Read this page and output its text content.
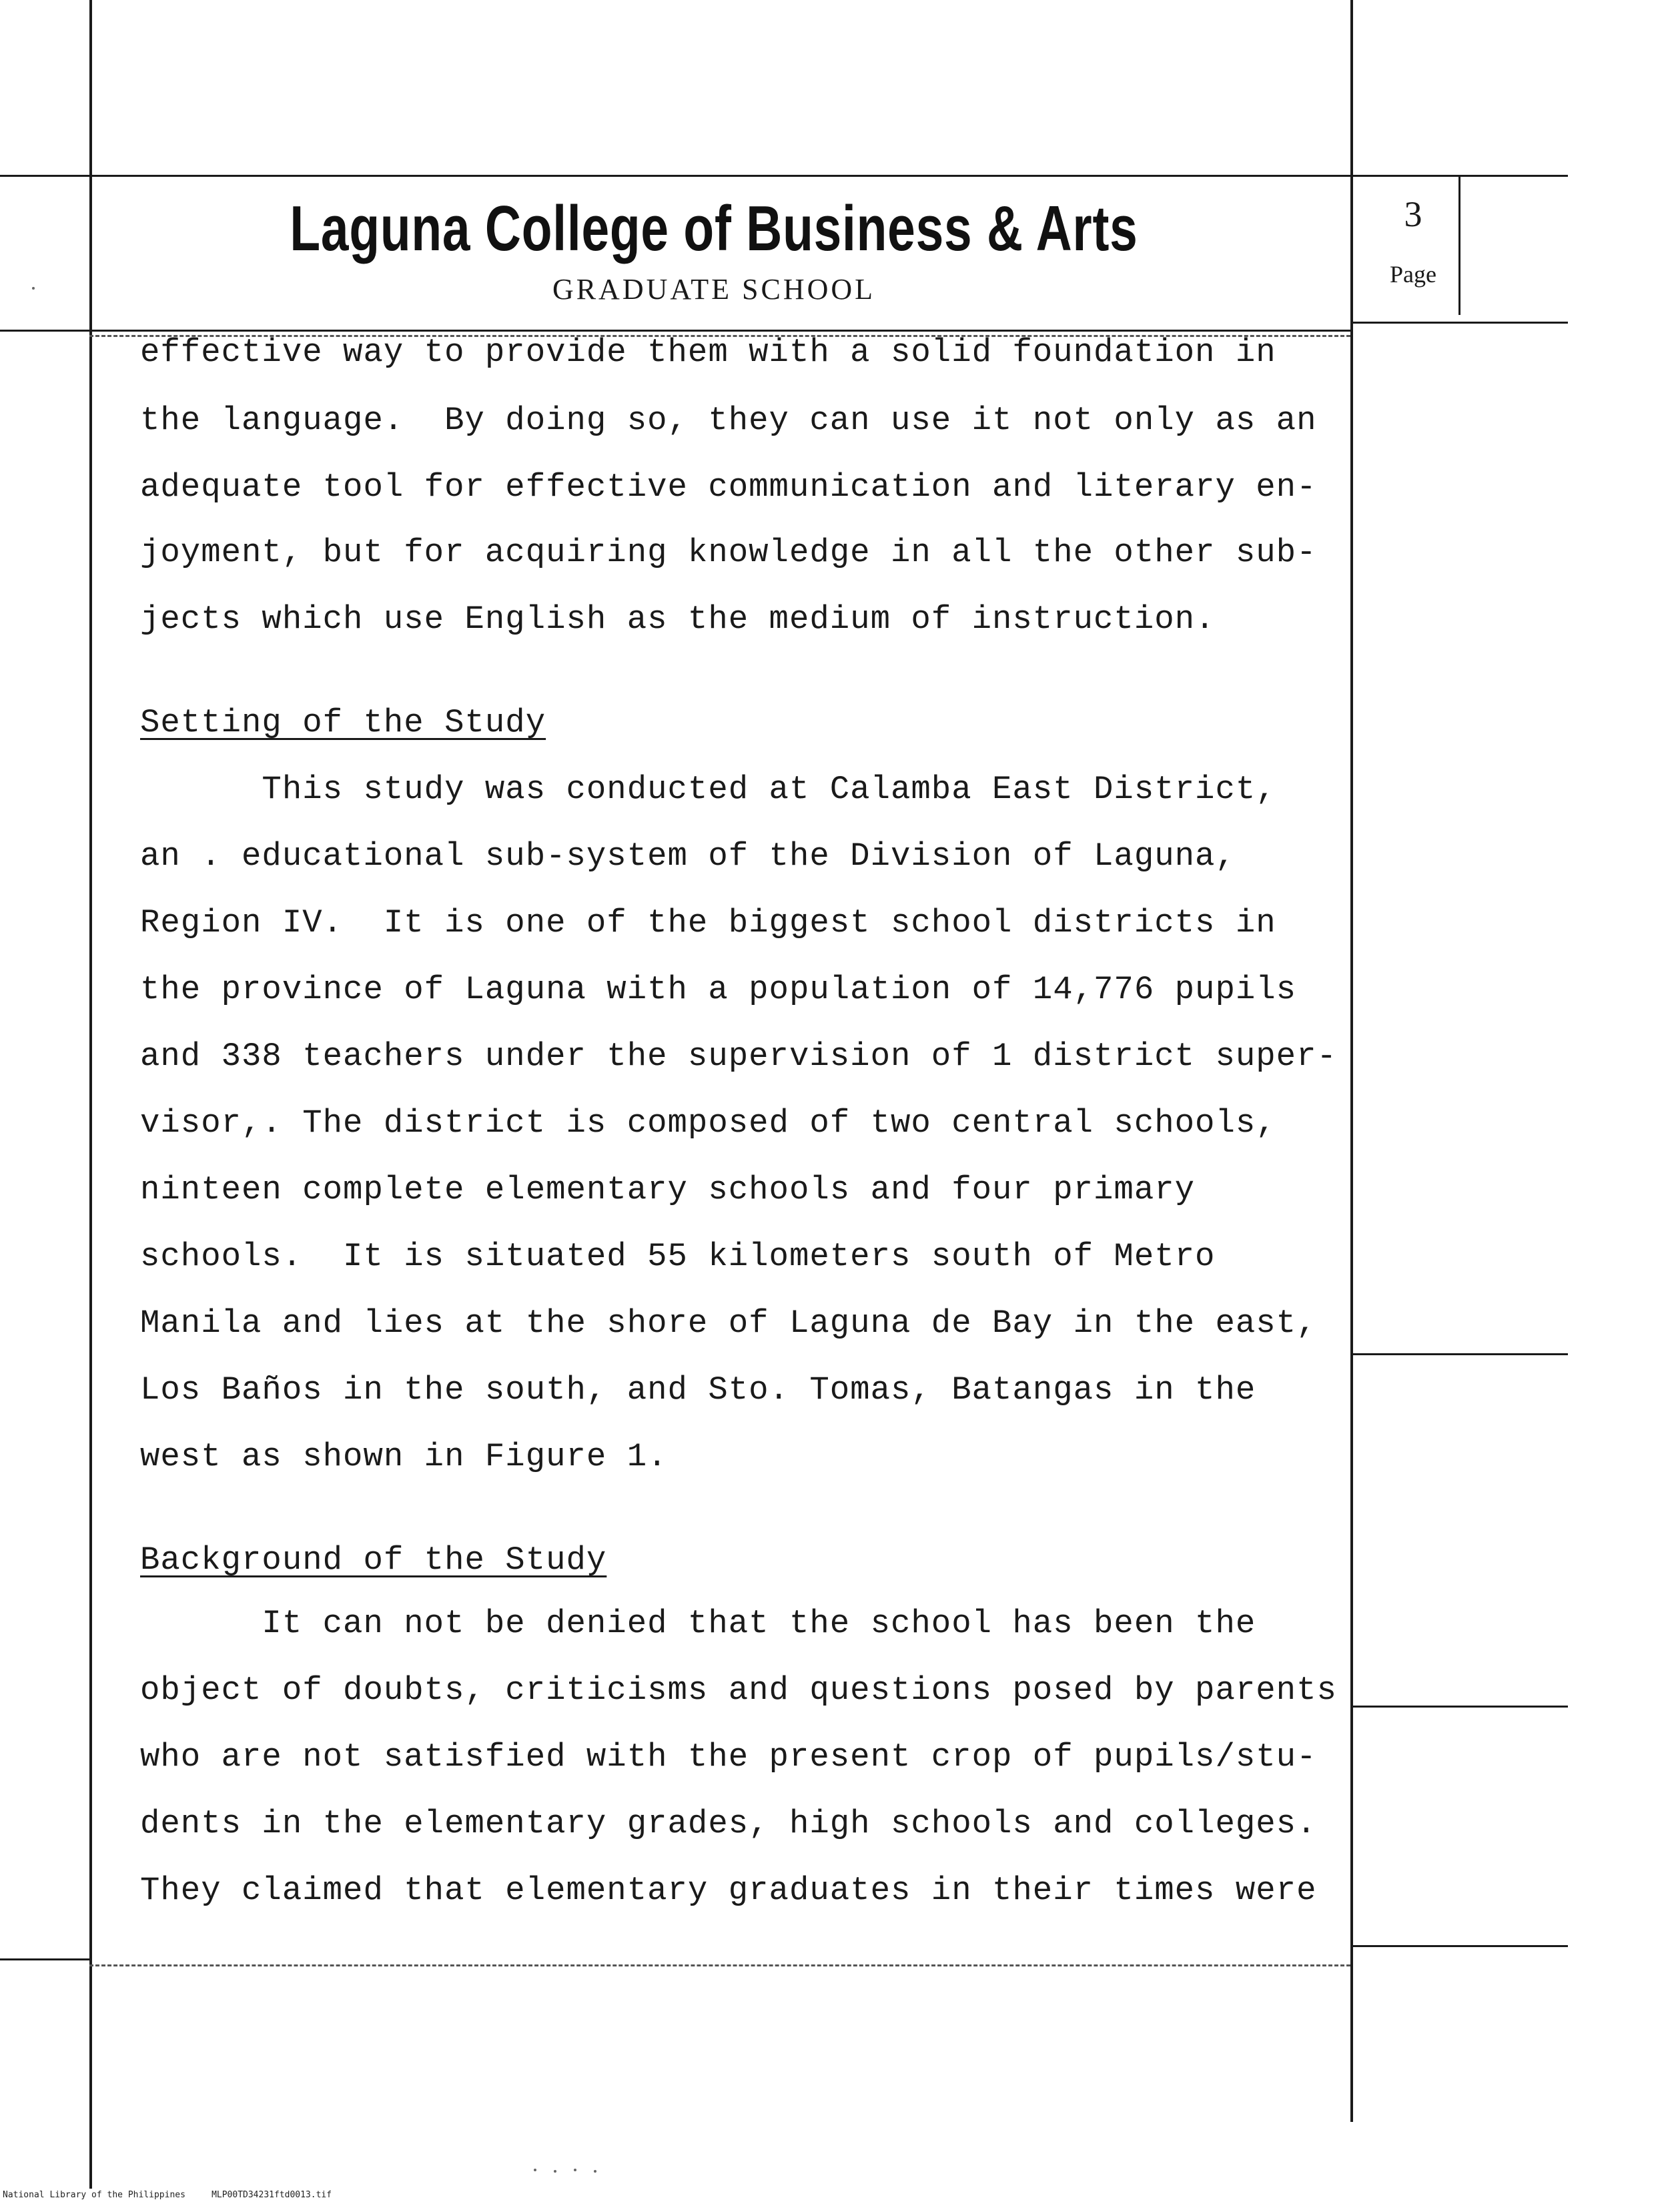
Laguna College of Business & Arts
GRADUATE SCHOOL
3
Page
effective way to provide them with a solid foundation in
the language.  By doing so, they can use it not only as an
adequate tool for effective communication and literary en-
joyment, but for acquiring knowledge in all the other sub-
jects which use English as the medium of instruction.
Setting of the Study
This study was conducted at Calamba East District,
an . educational sub-system of the Division of Laguna,
Region IV.  It is one of the biggest school districts in
the province of Laguna with a population of 14,776 pupils
and 338 teachers under the supervision of 1 district super-
visor,. The district is composed of two central schools,
ninteen complete elementary schools and four primary
schools.  It is situated 55 kilometers south of Metro
Manila and lies at the shore of Laguna de Bay in the east,
Los Baños in the south, and Sto. Tomas, Batangas in the
west as shown in Figure 1.
Background of the Study
It can not be denied that the school has been the
object of doubts, criticisms and questions posed by parents
who are not satisfied with the present crop of pupils/stu-
dents in the elementary grades, high schools and colleges.
They claimed that elementary graduates in their times were
National Library of the Philippines     MLP00TD34231ftd0013.tif
